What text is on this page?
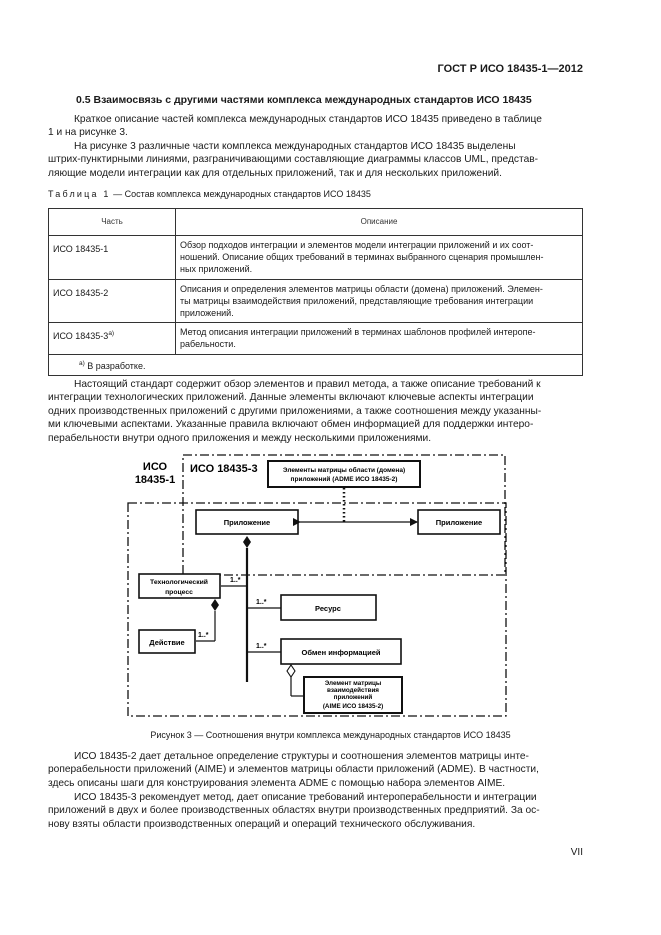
ГОСТ Р ИСО 18435-1—2012
0.5 Взаимосвязь с другими частями комплекса международных стандартов ИСО 18435
Краткое описание частей комплекса международных стандартов ИСО 18435 приведено в таблице
1 и на рисунке 3.
На рисунке 3 различные части комплекса международных стандартов ИСО 18435 выделены
штрих-пунктирными линиями, разграничивающими составляющие диаграммы классов UML, представ-
ляющие модели интеграции как для отдельных приложений, так и для нескольких приложений.
Таблица 1 — Состав комплекса международных стандартов ИСО 18435
Часть	Описание
ИСО 18435-1	Обзор подходов интеграции и элементов модели интеграции приложений и их соот-
ношений. Описание общих требований в терминах выбранного сценария промышлен-
ных приложений.

ИСО 18435-2	Описания и определения элементов матрицы области (домена) приложений. Элемен-
ты матрицы взаимодействия приложений, представляющие требования интеграции
приложений.

ИСО $18435-3^{а)}$	Метод описания интеграции приложений в терминах шаблонов профилей интеропе-
рабельности.

$^{а)}$ В разработке.	
Настоящий стандарт содержит обзор элементов и правил метода, а также описание требований к
интеграции технологических приложений. Данные элементы включают ключевые аспекты интеграции
одних производственных приложений с другими приложениями, а также соотношения между указанны-
ми ключевыми аспектами. Указанные правила включают обмен информацией для поддержки интеро-
перабельности внутри одного приложения и между несколькими приложениями.
ИСО
18435-1
ИСО 18435-3	Элементы матрицы области (домена)
приложений (ADME ИСО 18435-2)
Приложение	Приложение
Технологический
процесс
1..*
Ресурс
1..*
Действие
1..*
Обмен информацией
1..*
Элемент матрицы
взаимодействия
приложений
(AIME ИСО 18435-2)
Рисунок 3 — Соотношения внутри комплекса международных стандартов ИСО 18435
ИСО 18435-2 дает детальное определение структуры и соотношения элементов матрицы инте-
роперабельности приложений (AIME) и элементов матрицы области приложений (ADME). В частности,
здесь описаны шаги для конструирования элемента ADME с помощью набора элементов AIME.
ИСО 18435-3 рекомендует метод, дает описание требований интероперабельности и интеграции
приложений в двух и более производственных областях внутри производственных предприятий. За ос-
нову взяты области производственных операций и операций технического обслуживания.
VII
